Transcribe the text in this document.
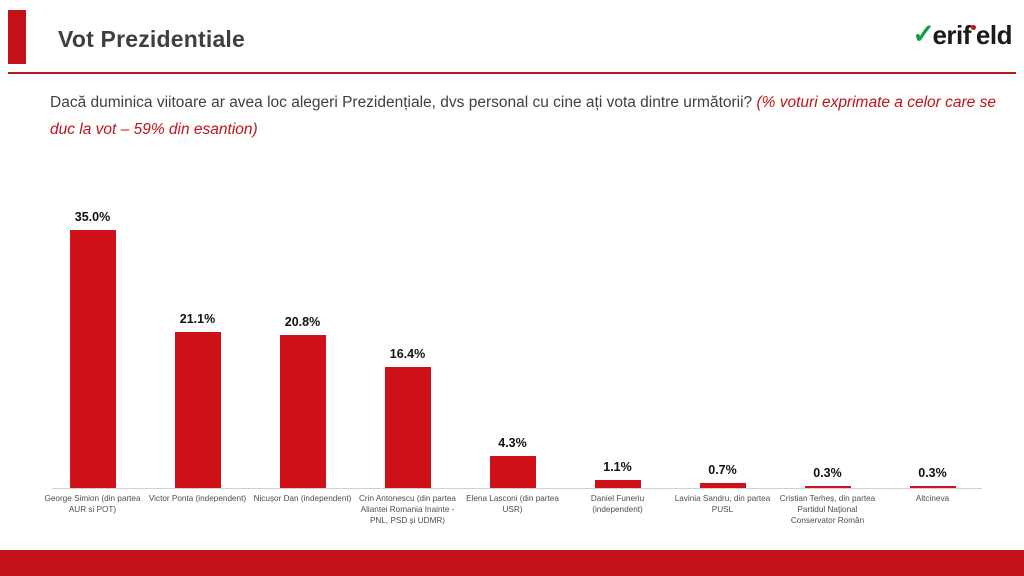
Vot Prezidentiale	✓
erif eld
Dacă duminica viitoare ar avea loc alegeri Prezidențiale, dvs personal cu cine ați vota dintre următorii? (% voturi exprimate a celor care se duc la vot – 59% din esantion)
35.0%
George Simion (din partea AUR si POT)
21.1%
Victor Ponta (independent)
20.8%
Nicușor Dan (independent)
16.4%
Crin Antonescu (din partea Aliantei Romania Inainte - PNL, PSD și UDMR)
4.3%
Elena Lasconi (din partea USR)
1.1%
Daniel Funeriu (independent)
0.7%
Lavinia Sandru, din partea PUSL
0.3%
Cristian Terheș, din partea Partidul Național Conservator Român
0.3%
Altcineva
